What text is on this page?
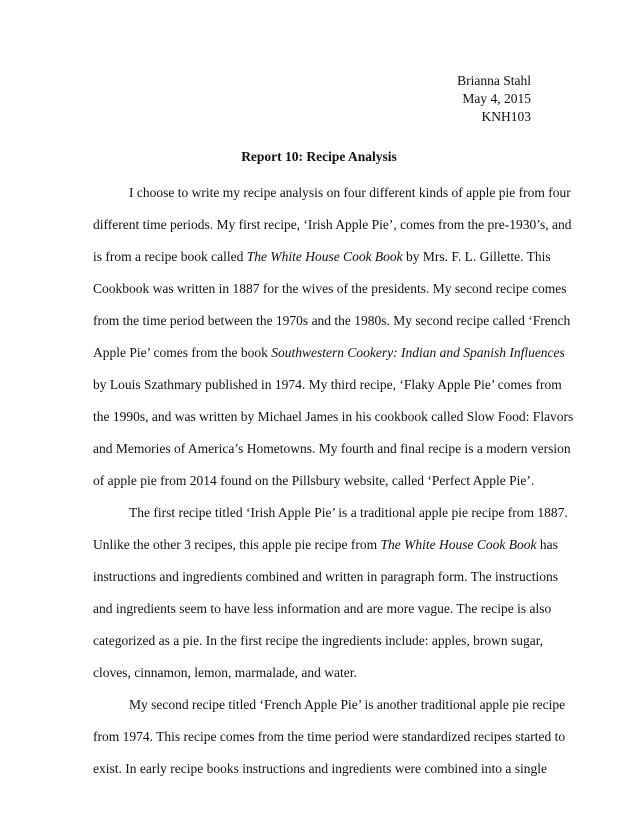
Brianna Stahl
May 4, 2015
KNH103
Report 10: Recipe Analysis
I choose to write my recipe analysis on four different kinds of apple pie from four
different time periods. My first recipe, ‘Irish Apple Pie’, comes from the pre-1930’s, and
is from a recipe book called The White House Cook Book by Mrs. F. L. Gillette. This
Cookbook was written in 1887 for the wives of the presidents. My second recipe comes
from the time period between the 1970s and the 1980s. My second recipe called ‘French
Apple Pie’ comes from the book Southwestern Cookery: Indian and Spanish Influences
by Louis Szathmary published in 1974. My third recipe, ‘Flaky Apple Pie’ comes from
the 1990s, and was written by Michael James in his cookbook called Slow Food: Flavors
and Memories of America’s Hometowns. My fourth and final recipe is a modern version
of apple pie from 2014 found on the Pillsbury website, called ‘Perfect Apple Pie’.
The first recipe titled ‘Irish Apple Pie’ is a traditional apple pie recipe from 1887.
Unlike the other 3 recipes, this apple pie recipe from The White House Cook Book has
instructions and ingredients combined and written in paragraph form. The instructions
and ingredients seem to have less information and are more vague. The recipe is also
categorized as a pie. In the first recipe the ingredients include: apples, brown sugar,
cloves, cinnamon, lemon, marmalade, and water.
My second recipe titled ‘French Apple Pie’ is another traditional apple pie recipe
from 1974. This recipe comes from the time period were standardized recipes started to
exist. In early recipe books instructions and ingredients were combined into a single
